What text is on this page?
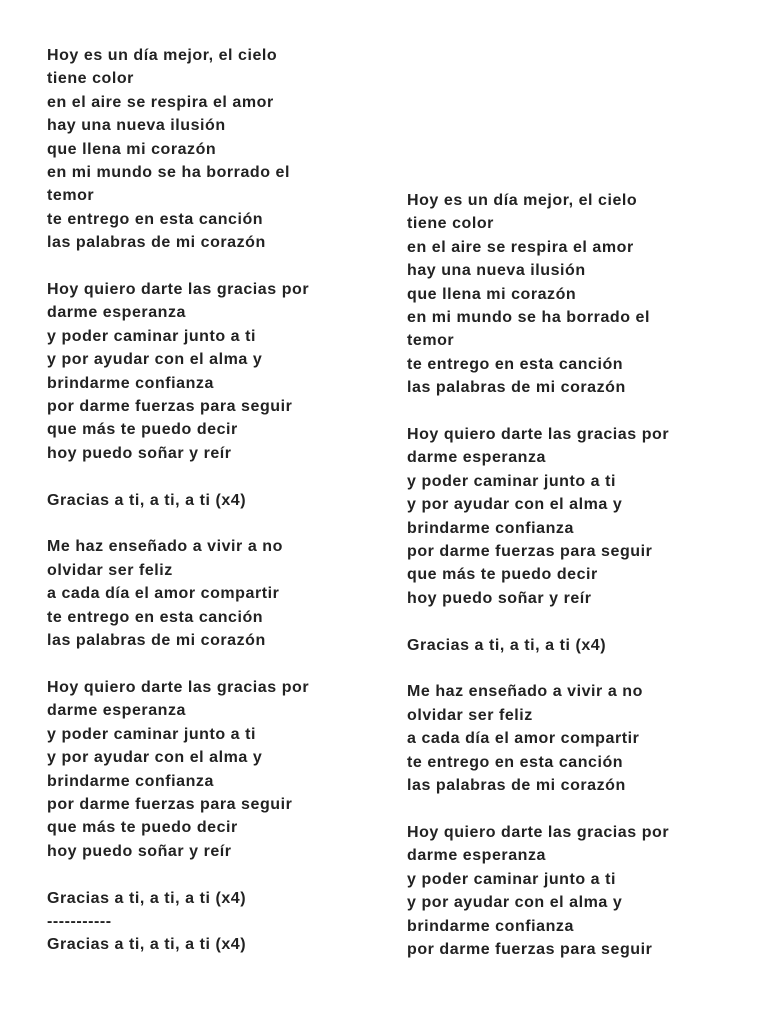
Hoy es un día mejor, el cielo
tiene color
en el aire se respira el amor
hay una nueva ilusión
que llena mi corazón
en mi mundo se ha borrado el
temor
te entrego en esta canción
las palabras de mi corazón
Hoy quiero darte las gracias por
darme esperanza
y poder caminar junto a ti
y por ayudar con el alma y
brindarme confianza
por darme fuerzas para seguir
que más te puedo decir
hoy puedo soñar y reír
Gracias a ti, a ti, a ti (x4)
Me haz enseñado a vivir a no
olvidar ser feliz
a cada día el amor compartir
te entrego en esta canción
las palabras de mi corazón
Hoy quiero darte las gracias por
darme esperanza
y poder caminar junto a ti
y por ayudar con el alma y
brindarme confianza
por darme fuerzas para seguir
que más te puedo decir
hoy puedo soñar y reír
Gracias a ti, a ti, a ti (x4)
-----------
Gracias a ti, a ti, a ti (x4)
Hoy es un día mejor, el cielo
tiene color
en el aire se respira el amor
hay una nueva ilusión
que llena mi corazón
en mi mundo se ha borrado el
temor
te entrego en esta canción
las palabras de mi corazón
Hoy quiero darte las gracias por
darme esperanza
y poder caminar junto a ti
y por ayudar con el alma y
brindarme confianza
por darme fuerzas para seguir
que más te puedo decir
hoy puedo soñar y reír
Gracias a ti, a ti, a ti (x4)
Me haz enseñado a vivir a no
olvidar ser feliz
a cada día el amor compartir
te entrego en esta canción
las palabras de mi corazón
Hoy quiero darte las gracias por
darme esperanza
y poder caminar junto a ti
y por ayudar con el alma y
brindarme confianza
por darme fuerzas para seguir
